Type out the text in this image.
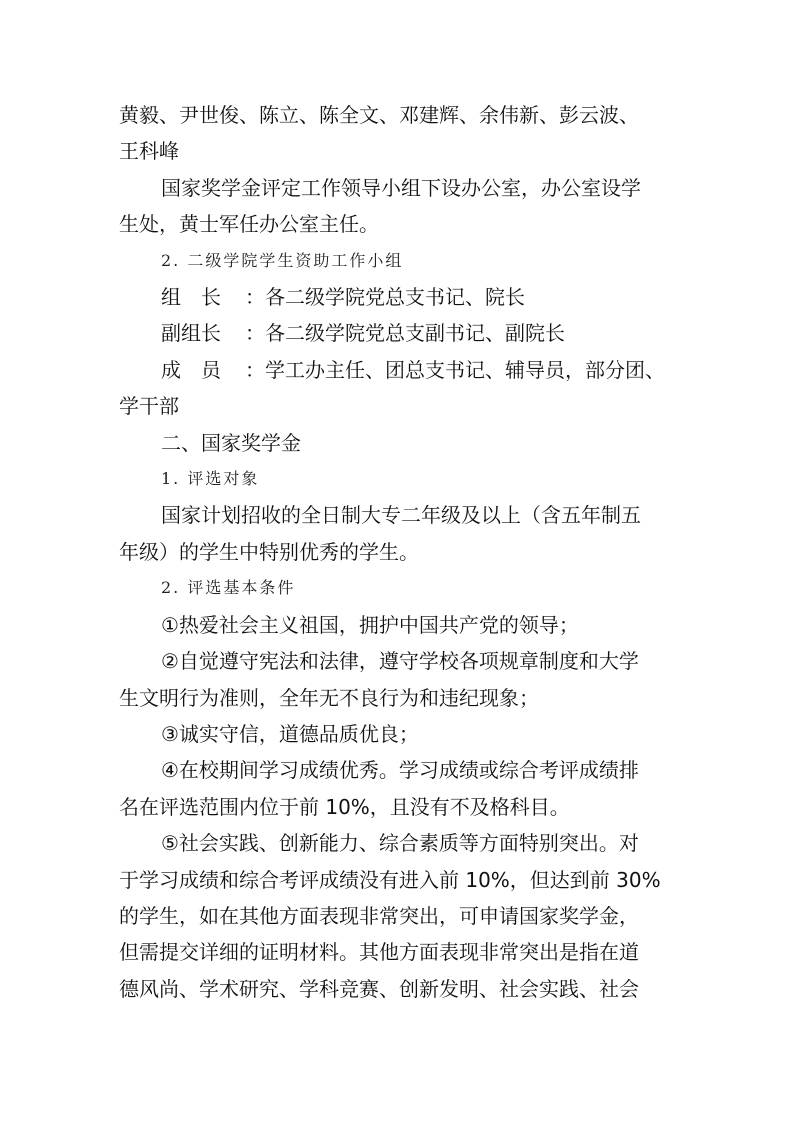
黄毅、尹世俊、陈立、陈全文、邓建辉、余伟新、彭云波、

王科峰

国家奖学金评定工作领导小组下设办公室，办公室设学

生处，黄士军任办公室主任。

2. 二级学院学生资助工作小组

组　长 ：各二级学院党总支书记、院长

副组长 ：各二级学院党总支副书记、副院长

成　员 ：学工办主任、团总支书记、辅导员，部分团、

学干部

二、国家奖学金

1. 评选对象

国家计划招收的全日制大专二年级及以上（含五年制五

年级）的学生中特别优秀的学生。

2. 评选基本条件

①热爱社会主义祖国，拥护中国共产党的领导；

②自觉遵守宪法和法律，遵守学校各项规章制度和大学

生文明行为准则，全年无不良行为和违纪现象；

③诚实守信，道德品质优良；

④在校期间学习成绩优秀。学习成绩或综合考评成绩排

名在评选范围内位于前 10%，且没有不及格科目。

⑤社会实践、创新能力、综合素质等方面特别突出。对

于学习成绩和综合考评成绩没有进入前 10%，但达到前 30%

的学生，如在其他方面表现非常突出，可申请国家奖学金，

但需提交详细的证明材料。其他方面表现非常突出是指在道

德风尚、学术研究、学科竞赛、创新发明、社会实践、社会
